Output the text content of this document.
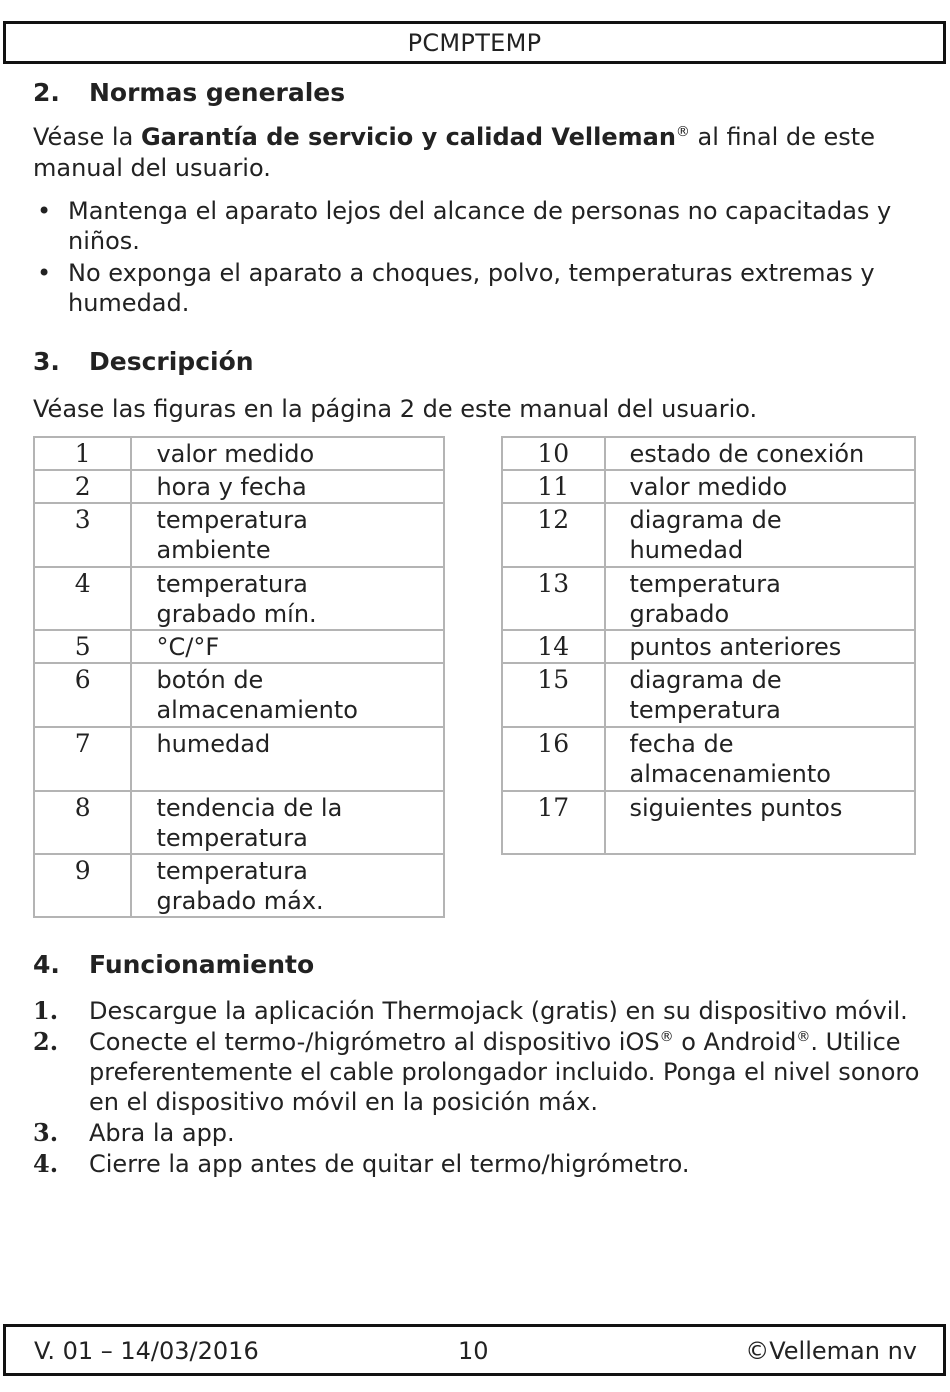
PCMPTEMP
2.	Normas generales

Véase la Garantía de servicio y calidad Velleman® al final de este manual del usuario.

• Mantenga el aparato lejos del alcance de personas no capacitadas y niños.
• No exponga el aparato a choques, polvo, temperaturas extremas y humedad.
3.	Descripción

Véase las figuras en la página 2 de este manual del usuario.

1	valor medido
2	hora y fecha
3	temperatura ambiente
4	temperatura grabado mín.
5	°C/°F
6	botón de almacenamiento
7	humedad
8	tendencia de la temperatura
9	temperatura grabado máx.
10	estado de conexión
11	valor medido
12	diagrama de humedad
13	temperatura grabado
14	puntos anteriores
15	diagrama de temperatura
16	fecha de almacenamiento
17	siguientes puntos
4.	Funcionamiento
1. Descargue la aplicación Thermojack (gratis) en su dispositivo móvil.
2. Conecte el termo-/higrómetro al dispositivo iOS® o Android®. Utilice preferentemente el cable prolongador incluido. Ponga el nivel sonoro en el dispositivo móvil en la posición máx.
3. Abra la app.
4. Cierre la app antes de quitar el termo/higrómetro.
V. 01 – 14/03/2016	10	©Velleman nv
